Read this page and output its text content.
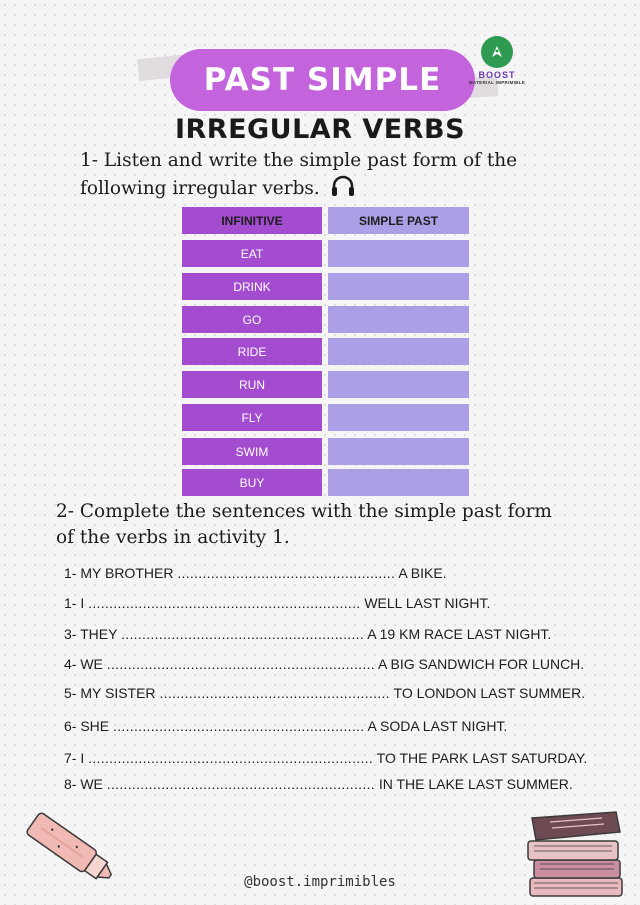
PAST SIMPLE	BOOST
MATERIAL IMPRIMIBLE
IRREGULAR VERBS
1- Listen and write the simple past form of the
following irregular verbs.
INFINITIVE	SIMPLE PAST
EAT
DRINK
GO
RIDE
RUN
FLY
SWIM
BUY
2- Complete the sentences with the simple past form
of the verbs in activity 1.
1- MY BROTHER .................................................... A BIKE.
1- I ................................................................. WELL LAST NIGHT.
3- THEY .......................................................... A 19 KM RACE LAST NIGHT.
4- WE ................................................................ A BIG SANDWICH FOR LUNCH.
5- MY SISTER ....................................................... TO LONDON LAST SUMMER.
6- SHE ............................................................ A SODA LAST NIGHT.
7- I .................................................................... TO THE PARK LAST SATURDAY.
8- WE ................................................................ IN THE LAKE LAST SUMMER.
@boost.imprimibles
